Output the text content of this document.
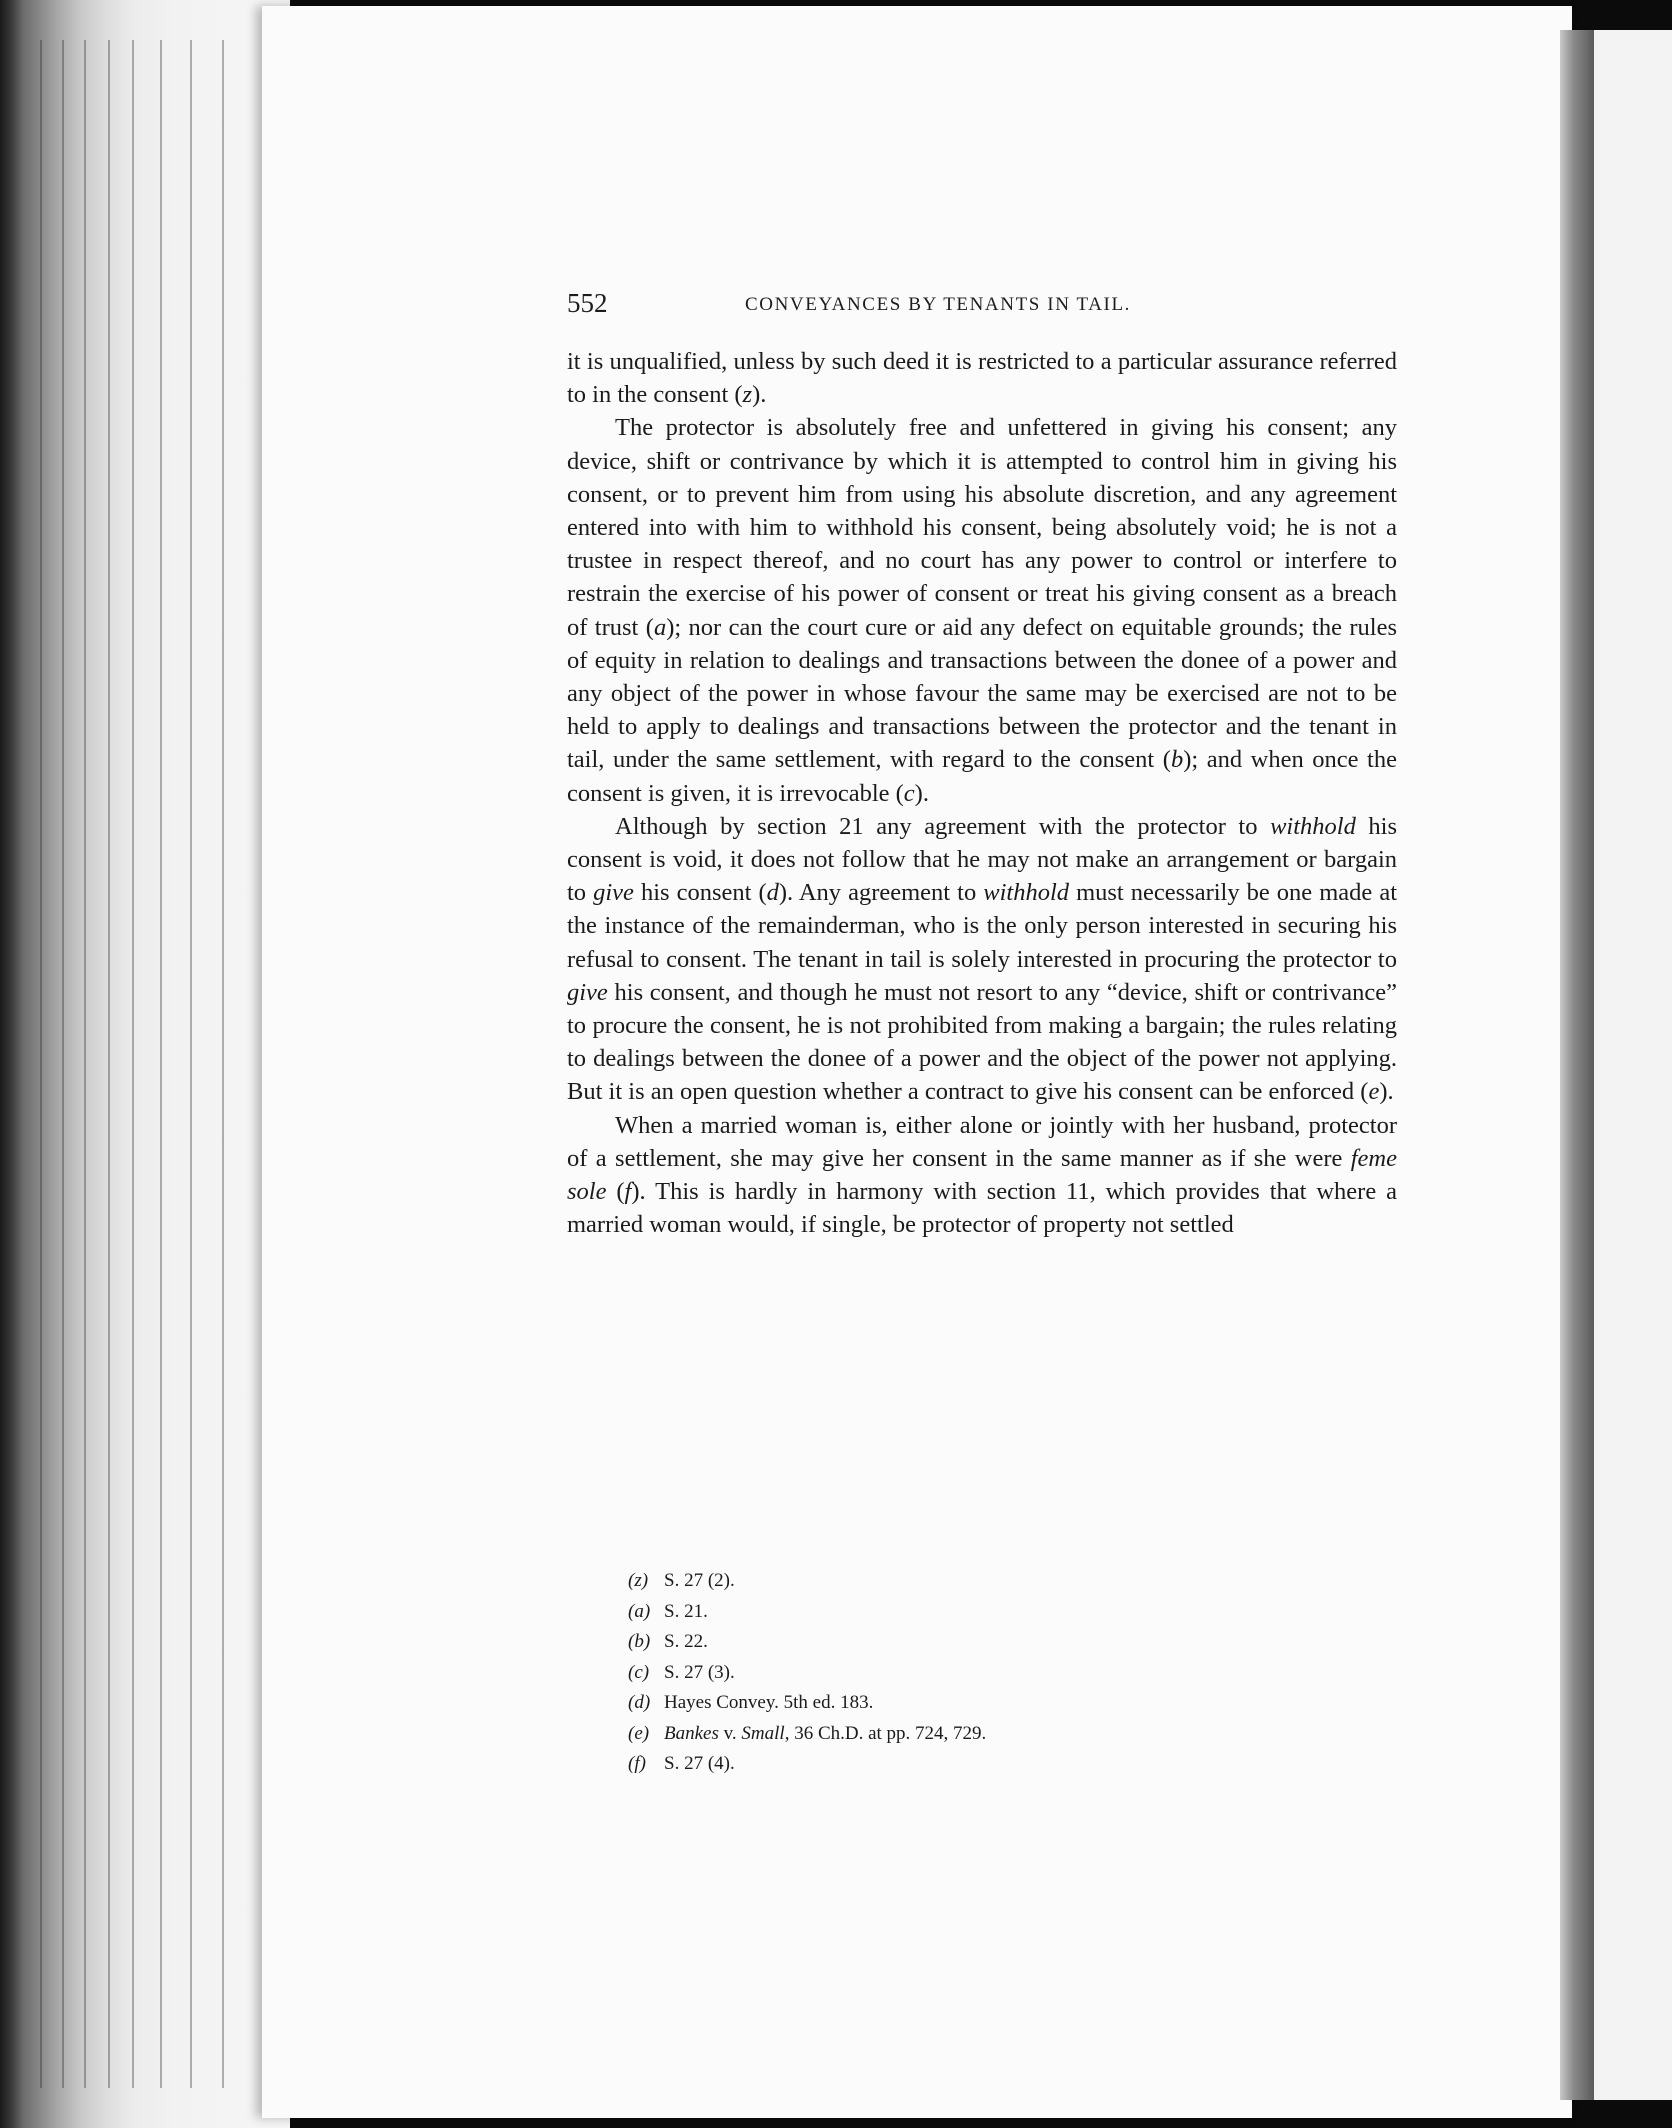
552	CONVEYANCES BY TENANTS IN TAIL.

it is unqualified, unless by such deed it is restricted to a particular assurance referred to in the consent (z).

The protector is absolutely free and unfettered in giving his consent; any device, shift or contrivance by which it is attempted to control him in giving his consent, or to prevent him from using his absolute discretion, and any agreement entered into with him to withhold his consent, being absolutely void; he is not a trustee in respect thereof, and no court has any power to control or interfere to restrain the exercise of his power of consent or treat his giving consent as a breach of trust (a); nor can the court cure or aid any defect on equitable grounds; the rules of equity in relation to dealings and transactions between the donee of a power and any object of the power in whose favour the same may be exercised are not to be held to apply to dealings and transactions between the protector and the tenant in tail, under the same settlement, with regard to the consent (b); and when once the consent is given, it is irrevocable (c).

Although by section 21 any agreement with the protector to withhold his consent is void, it does not follow that he may not make an arrangement or bargain to give his consent (d). Any agreement to withhold must necessarily be one made at the instance of the remainderman, who is the only person interested in securing his refusal to consent. The tenant in tail is solely interested in procuring the protector to give his consent, and though he must not resort to any “device, shift or contrivance” to procure the consent, he is not prohibited from making a bargain; the rules relating to dealings between the donee of a power and the object of the power not applying. But it is an open question whether a contract to give his consent can be enforced (e).

When a married woman is, either alone or jointly with her husband, protector of a settlement, she may give her consent in the same manner as if she were feme sole (f). This is hardly in harmony with section 11, which provides that where a married woman would, if single, be protector of property not settled

(z) S. 27 (2).
(a) S. 21.
(b) S. 22.
(c) S. 27 (3).
(d) Hayes Convey. 5th ed. 183.
(e) Bankes v. Small, 36 Ch.D. at pp. 724, 729.
(f) S. 27 (4).
